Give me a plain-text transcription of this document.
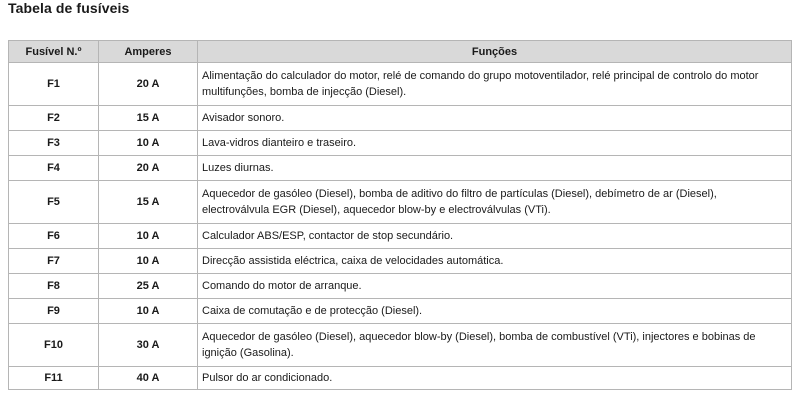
Tabela de fusíveis
Fusível N.º	Amperes	Funções
F1	20 A	Alimentação do calculador do motor, relé de comando do grupo motoventilador, relé principal de controlo do motor multifunções, bomba de injecção (Diesel).
F2	15 A	Avisador sonoro.
F3	10 A	Lava-vidros dianteiro e traseiro.
F4	20 A	Luzes diurnas.
F5	15 A	Aquecedor de gasóleo (Diesel), bomba de aditivo do filtro de partículas (Diesel), debímetro de ar (Diesel), electroválvula EGR (Diesel), aquecedor blow-by e electroválvulas (VTi).
F6	10 A	Calculador ABS/ESP, contactor de stop secundário.
F7	10 A	Direcção assistida eléctrica, caixa de velocidades automática.
F8	25 A	Comando do motor de arranque.
F9	10 A	Caixa de comutação e de protecção (Diesel).
F10	30 A	Aquecedor de gasóleo (Diesel), aquecedor blow-by (Diesel), bomba de combustível (VTi), injectores e bobinas de ignição (Gasolina).
F11	40 A	Pulsor do ar condicionado.
